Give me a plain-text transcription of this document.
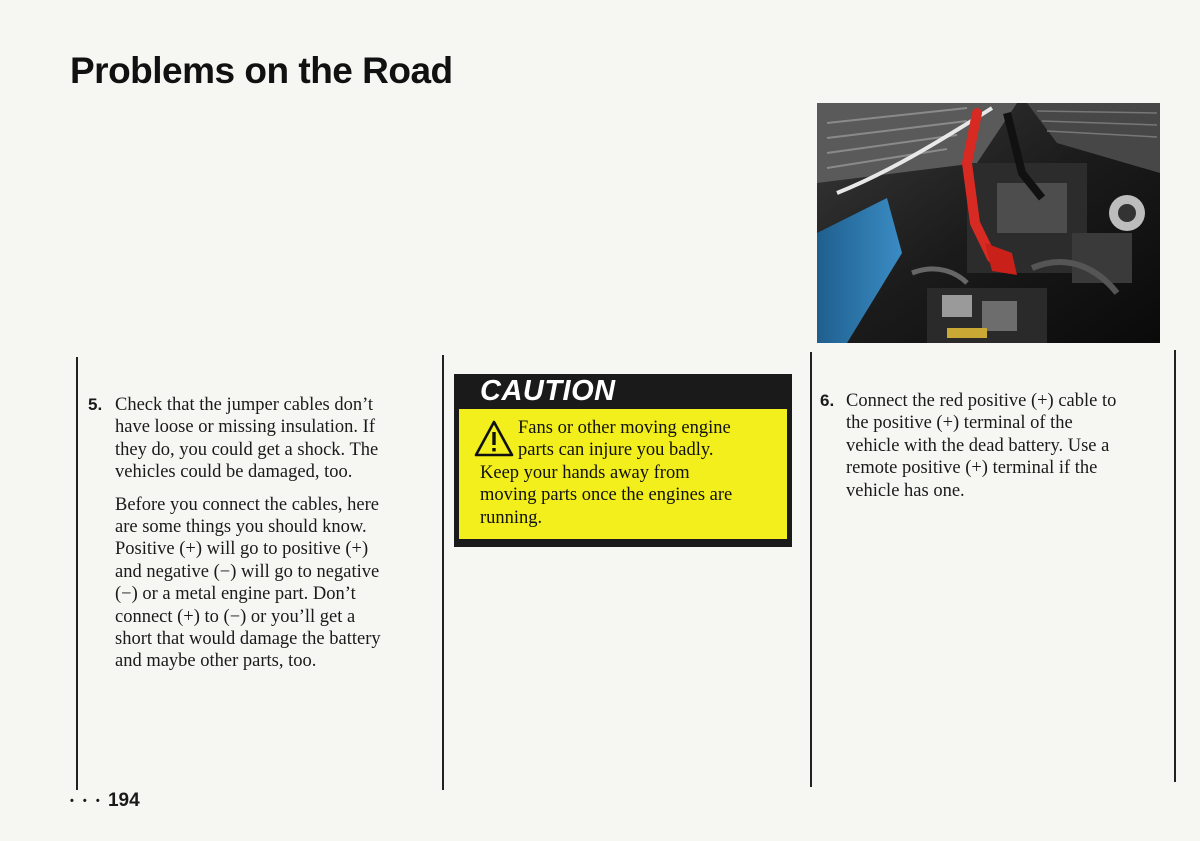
Problems on the Road
5. Check that the jumper cables don’t
have loose or missing insulation. If
they do, you could get a shock. The
vehicles could be damaged, too.

Before you connect the cables, here
are some things you should know.
Positive (+) will go to positive (+)
and negative (−) will go to negative
(−) or a metal engine part. Don’t
connect (+) to (−) or you’ll get a
short that would damage the battery
and maybe other parts, too.

CAUTION
Fans or other moving engine
parts can injure you badly.
Keep your hands away from
moving parts once the engines are
running.
6. Connect the red positive (+) cable to
the positive (+) terminal of the
vehicle with the dead battery. Use a
remote positive (+) terminal if the
vehicle has one.
• • • 194
